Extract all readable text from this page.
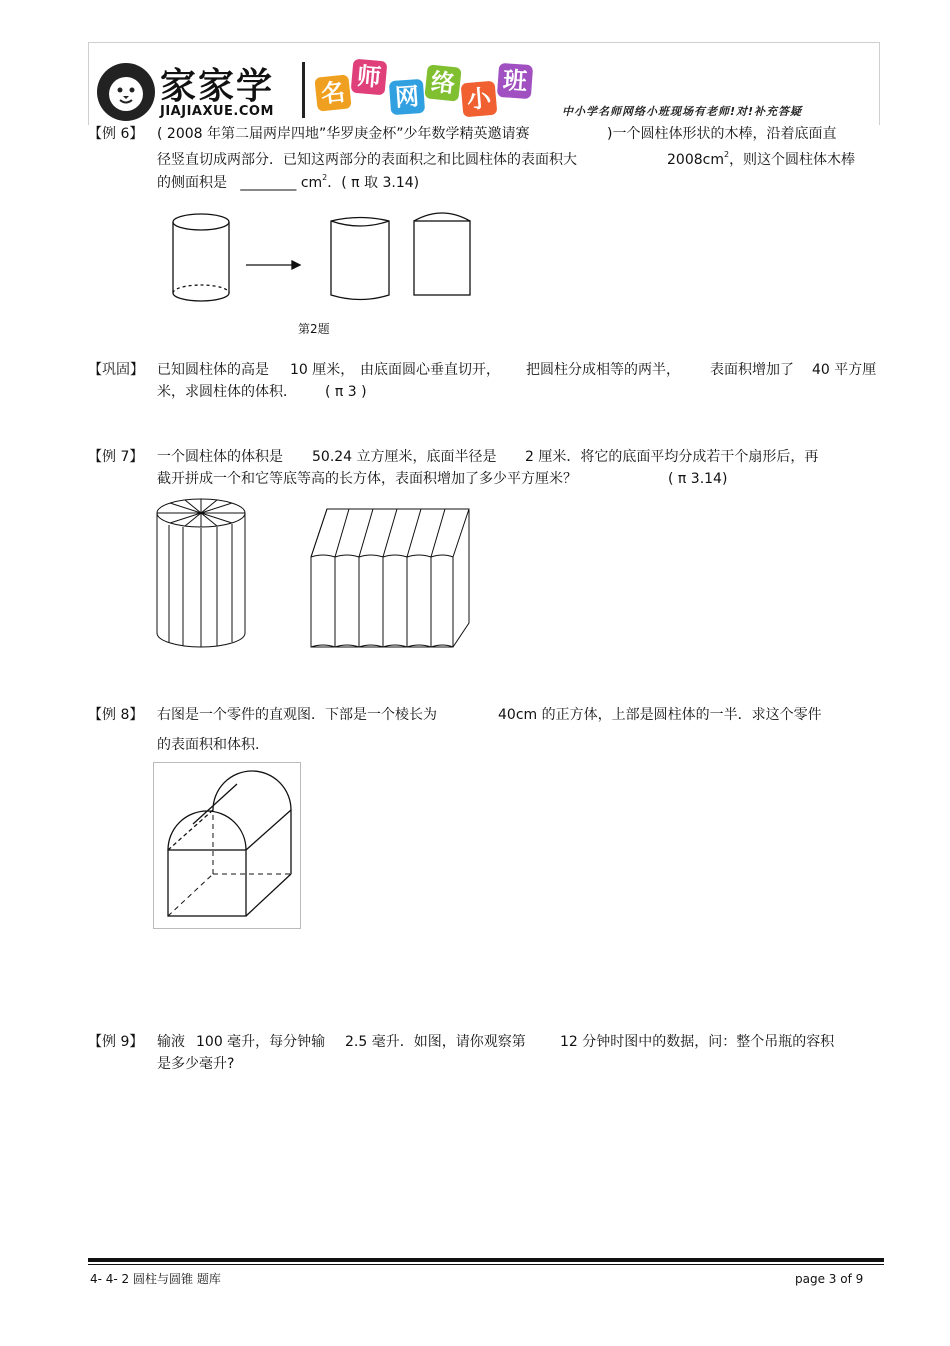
家家学
JIAJIAXUE.COM
名
师
网 络
小
班
中小学名师网络小班现场有老师!对!补充答疑
【例 6】 ( 2008 年第二届两岸四地”华罗庚金杯”少年数学精英邀请赛	)一个圆柱体形状的木棒，沿着底面直
径竖直切成两部分．已知这两部分的表面积之和比圆柱体的表面积大	$2008cm^2$，则这个圆柱体木棒
的侧面积是 ________ $cm^2$．( π 取 3.14)
第2题
【巩固】 已知圆柱体的高是 10 厘米， 由底面圆心垂直切开， 把圆柱分成相等的两半， 表面积增加了 40 平方厘
米，求圆柱体的体积． ( π 3 )
【例 7】 一个圆柱体的体积是 50.24 立方厘米，底面半径是 2 厘米．将它的底面平均分成若干个扇形后，再
截开拼成一个和它等底等高的长方体，表面积增加了多少平方厘米？	( π 3.14)
【例 8】 右图是一个零件的直观图．下部是一个棱长为	40cm 的正方体，上部是圆柱体的一半．求这个零件
的表面积和体积.
【例 9】 输液 100 毫升，每分钟输 2.5 毫升．如图，请你观察第 12 分钟时图中的数据，问：整个吊瓶的容积
是多少毫升?
4- 4- 2 圆柱与圆锥 题库	page 3 of 9
